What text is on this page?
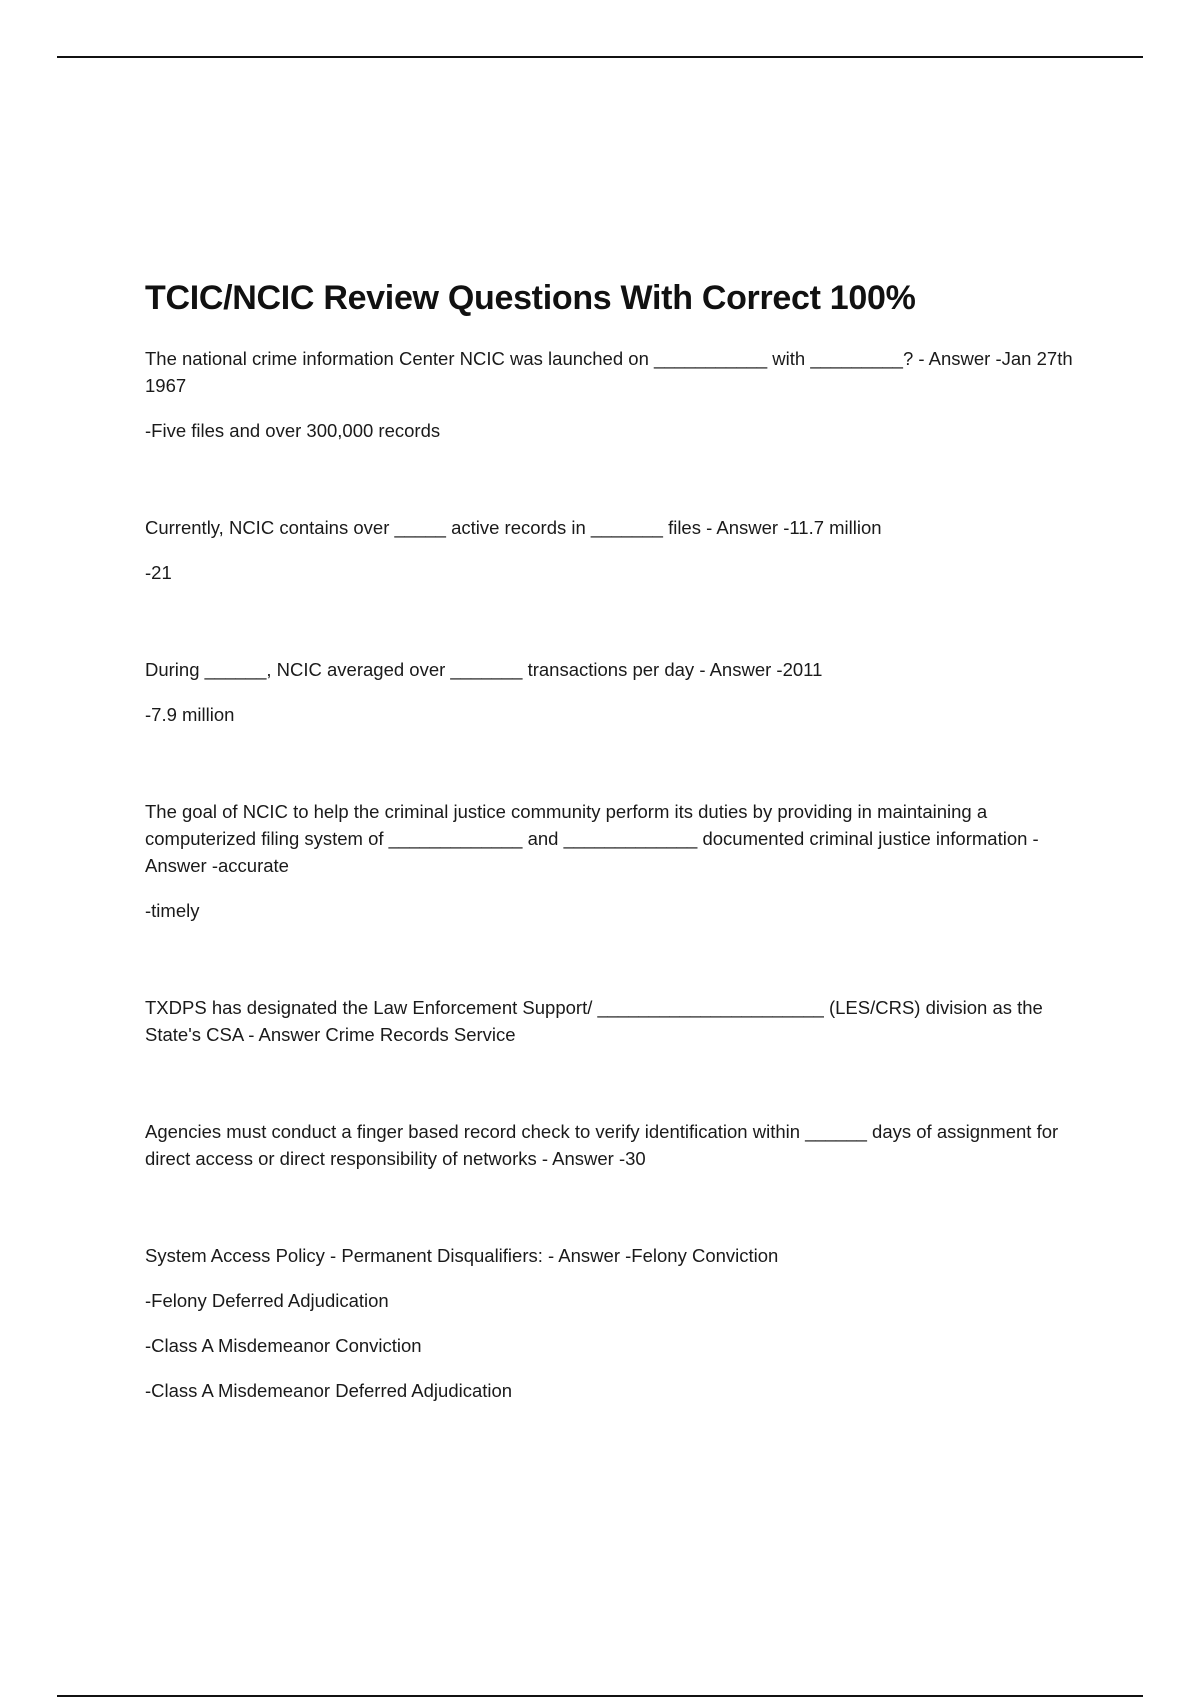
TCIC/NCIC Review Questions With Correct 100%

The national crime information Center NCIC was launched on ___________ with _________? - Answer -Jan 27th 1967

-Five files and over 300,000 records

Currently, NCIC contains over _____ active records in _______ files - Answer -11.7 million

-21

During ______, NCIC averaged over _______ transactions per day - Answer -2011

-7.9 million

The goal of NCIC to help the criminal justice community perform its duties by providing in maintaining a computerized filing system of _____________ and _____________ documented criminal justice information - Answer -accurate

-timely

TXDPS has designated the Law Enforcement Support/ ______________________ (LES/CRS) division as the State's CSA - Answer Crime Records Service

Agencies must conduct a finger based record check to verify identification within ______ days of assignment for direct access or direct responsibility of networks - Answer -30

System Access Policy - Permanent Disqualifiers: - Answer -Felony Conviction

-Felony Deferred Adjudication

-Class A Misdemeanor Conviction

-Class A Misdemeanor Deferred Adjudication
